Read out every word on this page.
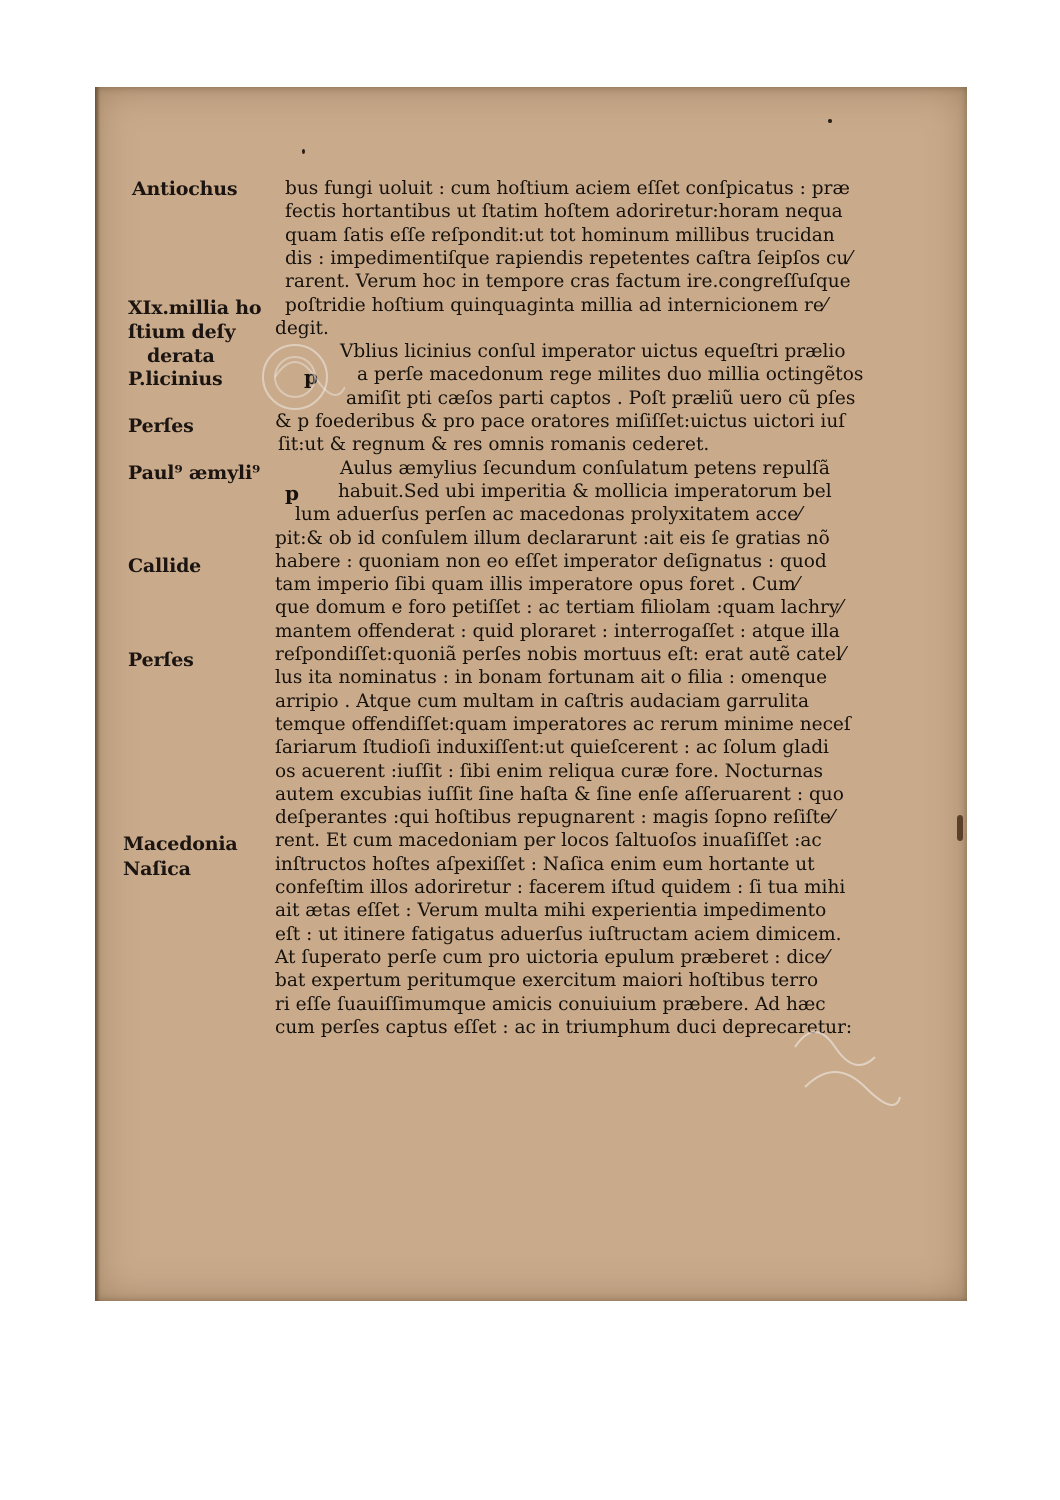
Antiochus
XIx.millia ho
ſtium deſy
derata
P.licinius
Perſes
Paul⁹ æmyli⁹
Callide
Perſes
Macedonia
Naſica
bus fungi uoluit : cum hoſtium aciem eſſet conſpicatus : præ
fectis hortantibus ut ſtatim hoſtem adoriretur:horam nequa
quam ſatis eſſe reſpondit:ut tot hominum millibus trucidan
dis : impedimentiſque rapiendis repetentes caſtra ſeipſos cu⁄
rarent. Verum hoc in tempore cras factum ire.congreſſuſque
poſtridie hoſtium quinquaginta millia ad internicionem re⁄
degit.
Vblius licinius conſul imperator uictus equeſtri prælio
a perſe macedonum rege milites duo millia octingẽtos
amiſit pti cæſos parti captos . Poſt præliũ uero cũ pſes
& p foederibus & pro pace oratores miſiſſet:uictus uictori iuſ
ſit:ut & regnum & res omnis romanis cederet.
Aulus æmylius ſecundum conſulatum petens repulſã
habuit.Sed ubi imperitia & mollicia imperatorum bel
lum aduerſus perſen ac macedonas prolyxitatem acce⁄
pit:& ob id conſulem illum declararunt :ait eis ſe gratias nõ
habere : quoniam non eo eſſet imperator deſignatus : quod
tam imperio ſibi quam illis imperatore opus foret . Cum⁄
que domum e foro petiſſet : ac tertiam filiolam :quam lachry⁄
mantem offenderat : quid ploraret : interrogaſſet : atque illa
reſpondiſſet:quoniã perſes nobis mortuus eſt: erat autẽ catel⁄
lus ita nominatus : in bonam fortunam ait o filia : omenque
arripio . Atque cum multam in caſtris audaciam garrulita
temque offendiſſet:quam imperatores ac rerum minime neceſ
ſariarum ſtudioſi induxiſſent:ut quieſcerent : ac ſolum gladi
os acuerent :iuſſit : ſibi enim reliqua curæ fore. Nocturnas
autem excubias iuſſit ſine haſta & ſine enſe aſſeruarent : quo
deſperantes :qui hoſtibus repugnarent : magis ſopno reſiſte⁄
rent. Et cum macedoniam per locos ſaltuoſos inuaſiſſet :ac
inſtructos hoſtes aſpexiſſet : Naſica enim eum hortante ut
confeſtim illos adoriretur : facerem iſtud quidem : ſi tua mihi
ait ætas eſſet : Verum multa mihi experientia impedimento
eſt : ut itinere fatigatus aduerſus iuſtructam aciem dimicem.
At ſuperato perſe cum pro uictoria epulum præberet : dice⁄
bat expertum peritumque exercitum maiori hoſtibus terro
ri eſſe ſuauiſſimumque amicis conuiuium præbere. Ad hæc
cum perſes captus eſſet : ac in triumphum duci deprecaretur:
p
p
